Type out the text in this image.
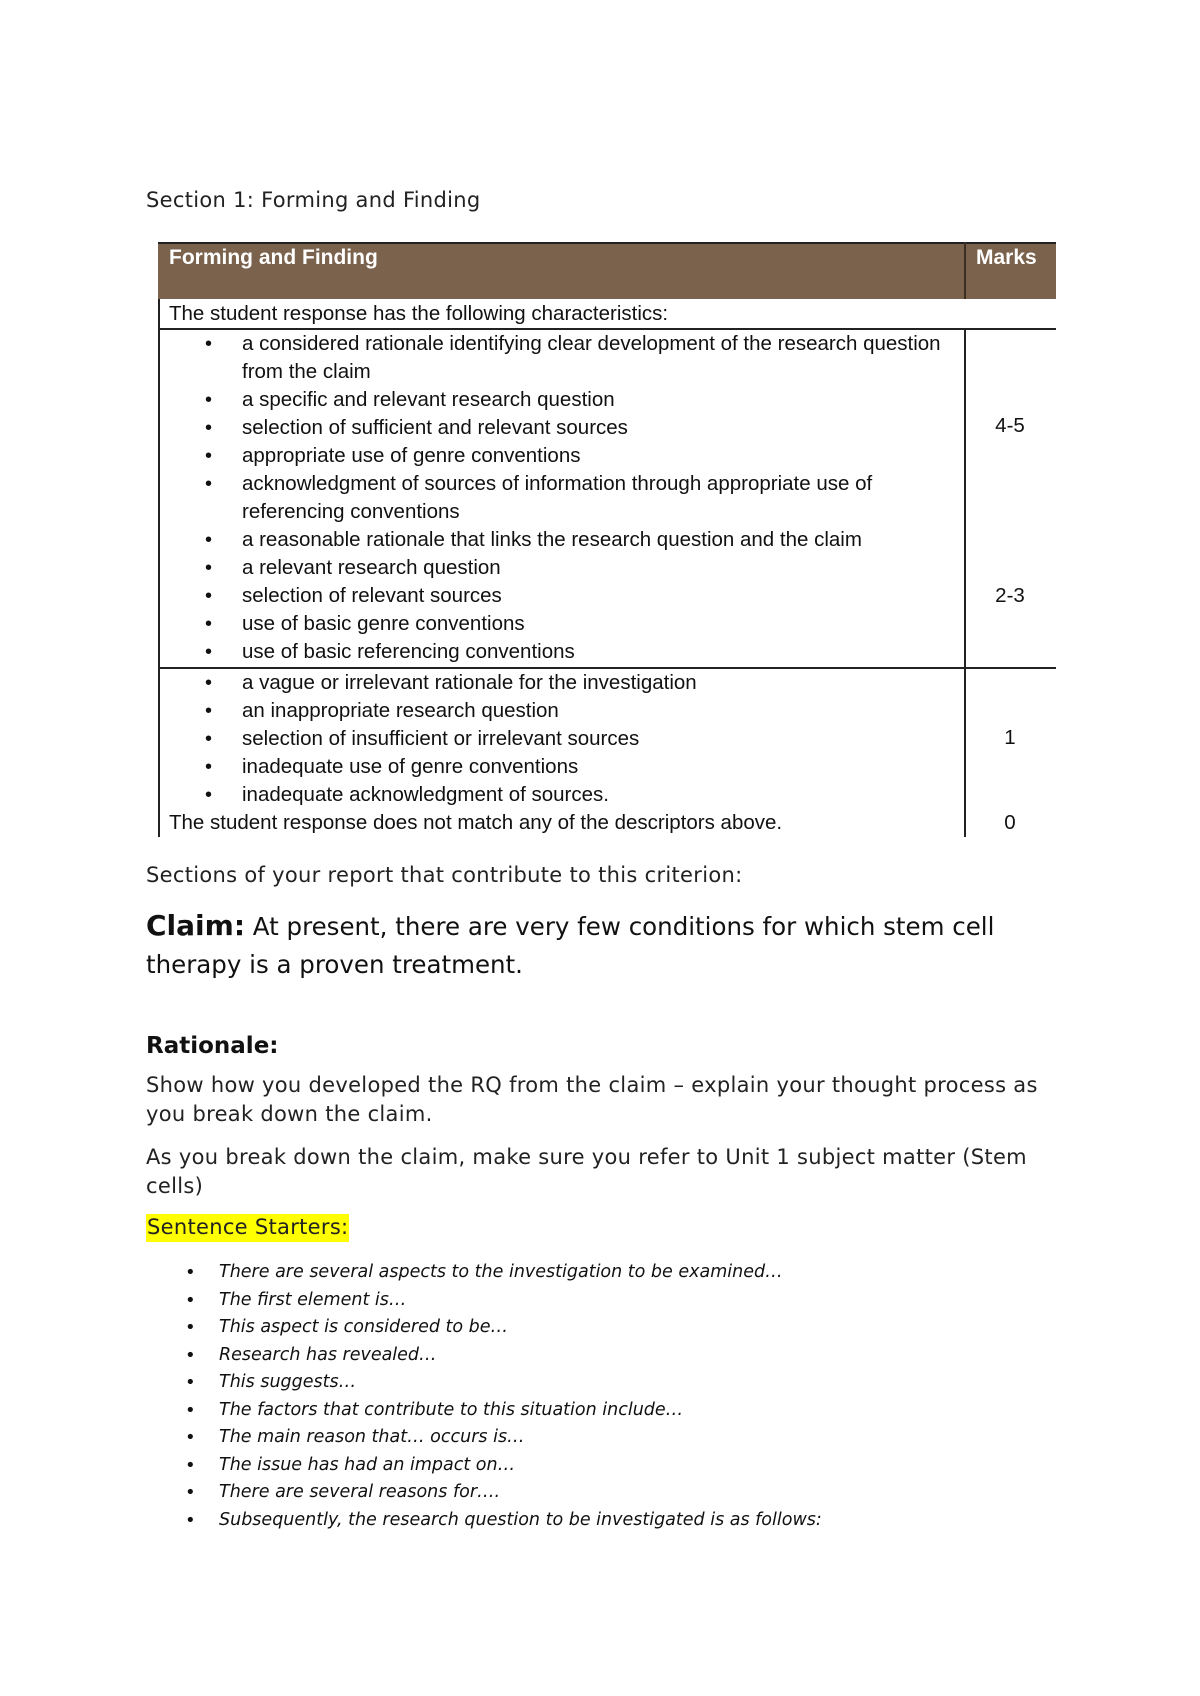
Section 1: Forming and Finding
Forming and Finding	Marks
The student response has the following characteristics:
• a considered rationale identifying clear development of the research question from the claim
• a specific and relevant research question
• selection of sufficient and relevant sources
• appropriate use of genre conventions
• acknowledgment of sources of information through appropriate use of referencing conventions
• a reasonable rationale that links the research question and the claim
• a relevant research question
• selection of relevant sources
• use of basic genre conventions
• use of basic referencing conventions
4-5
2-3
• a vague or irrelevant rationale for the investigation
• an inappropriate research question
• selection of insufficient or irrelevant sources
• inadequate use of genre conventions
• inadequate acknowledgment of sources.
1
The student response does not match any of the descriptors above.	0
Sections of your report that contribute to this criterion:
Claim: At present, there are very few conditions for which stem cell therapy is a proven treatment.
Rationale:
Show how you developed the RQ from the claim – explain your thought process as you break down the claim.
As you break down the claim, make sure you refer to Unit 1 subject matter (Stem cells)
Sentence Starters:
• There are several aspects to the investigation to be examined…
• The first element is…
• This aspect is considered to be…
• Research has revealed…
• This suggests…
• The factors that contribute to this situation include…
• The main reason that… occurs is…
• The issue has had an impact on…
• There are several reasons for….
• Subsequently, the research question to be investigated is as follows:
